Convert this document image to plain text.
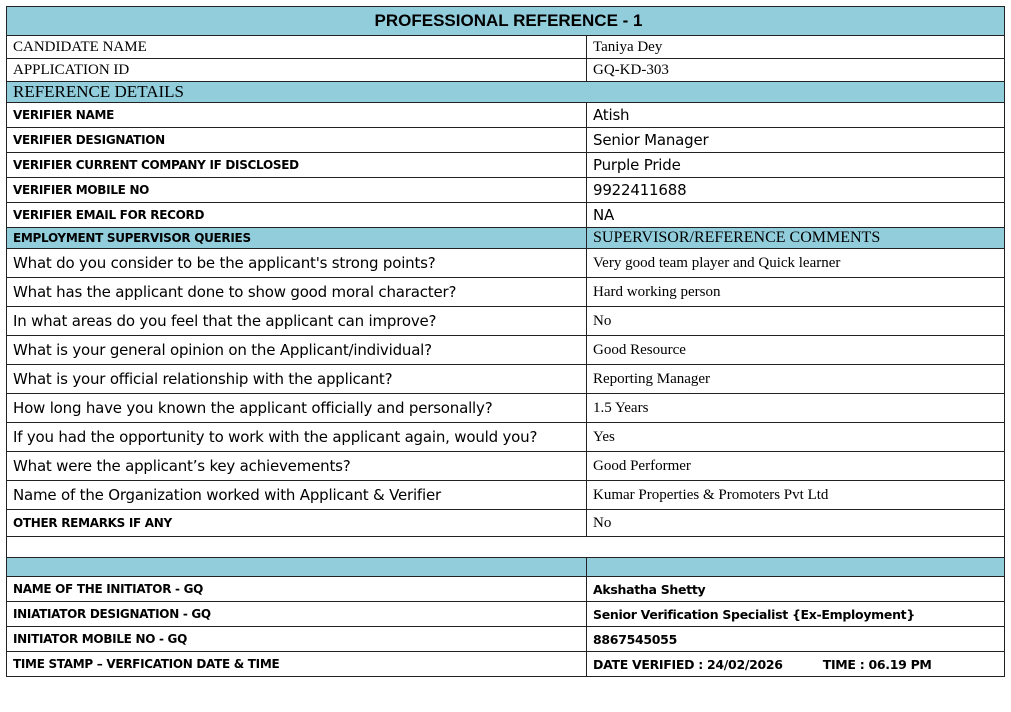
PROFESSIONAL REFERENCE - 1	
CANDIDATE NAME	Taniya Dey
APPLICATION ID	GQ-KD-303
REFERENCE DETAILS	
VERIFIER NAME	Atish
VERIFIER DESIGNATION	Senior Manager
VERIFIER CURRENT COMPANY IF DISCLOSED	Purple Pride
VERIFIER MOBILE NO	9922411688
VERIFIER EMAIL FOR RECORD	NA
EMPLOYMENT SUPERVISOR QUERIES	SUPERVISOR/REFERENCE COMMENTS
What do you consider to be the applicant's strong points?	Very good team player and Quick learner
What has the applicant done to show good moral character?	Hard working person
In what areas do you feel that the applicant can improve?	No
What is your general opinion on the Applicant/individual?	Good Resource
What is your official relationship with the applicant?	Reporting Manager
How long have you known the applicant officially and personally?	1.5 Years
If you had the opportunity to work with the applicant again, would you?	Yes
What were the applicant’s key achievements?	Good Performer
Name of the Organization worked with Applicant & Verifier	Kumar Properties & Promoters Pvt Ltd
OTHER REMARKS IF ANY	No

NAME OF THE INITIATOR - GQ	Akshatha Shetty
INIATIATOR DESIGNATION - GQ	Senior Verification Specialist {Ex-Employment}
INITIATOR MOBILE NO - GQ	8867545055
TIME STAMP – VERFICATION DATE & TIME	DATE VERIFIED : 24/02/2026 TIME : 06.19 PM
